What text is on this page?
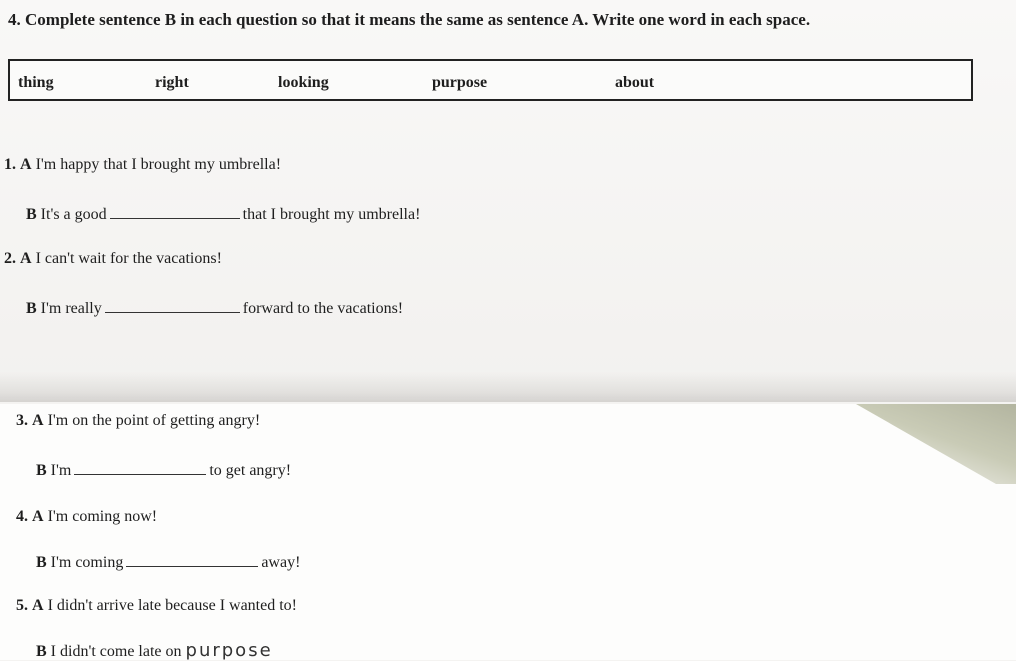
4. Complete sentence B in each question so that it means the same as sentence A. Write one word in each space.
thing	right	looking	purpose	about
1. A I'm happy that I brought my umbrella!
B It's a good	that I brought my umbrella!
2. A I can't wait for the vacations!
B I'm really	forward to the vacations!
3. A I'm on the point of getting angry!
B I'm	to get angry!
4. A I'm coming now!
B I'm coming	away!
5. A I didn't arrive late because I wanted to!
B I didn't come late on purpose
